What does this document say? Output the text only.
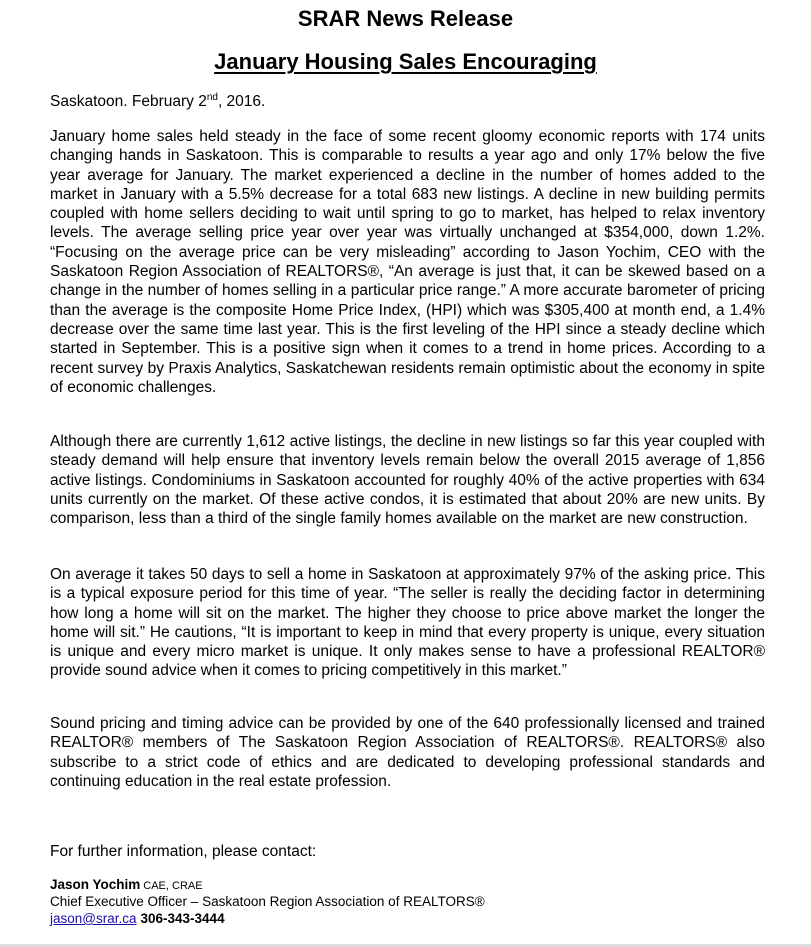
SRAR News Release
January Housing Sales Encouraging
Saskatoon. February 2nd, 2016.

January home sales held steady in the face of some recent gloomy economic reports with 174 units changing hands in Saskatoon. This is comparable to results a year ago and only 17% below the five year average for January. The market experienced a decline in the number of homes added to the market in January with a 5.5% decrease for a total 683 new listings. A decline in new building permits coupled with home sellers deciding to wait until spring to go to market, has helped to relax inventory levels. The average selling price year over year was virtually unchanged at $354,000, down 1.2%. “Focusing on the average price can be very misleading” according to Jason Yochim, CEO with the Saskatoon Region Association of REALTORS®, “An average is just that, it can be skewed based on a change in the number of homes selling in a particular price range.” A more accurate barometer of pricing than the average is the composite Home Price Index, (HPI) which was $305,400 at month end, a 1.4% decrease over the same time last year. This is the first leveling of the HPI since a steady decline which started in September. This is a positive sign when it comes to a trend in home prices. According to a recent survey by Praxis Analytics, Saskatchewan residents remain optimistic about the economy in spite of economic challenges.

Although there are currently 1,612 active listings, the decline in new listings so far this year coupled with steady demand will help ensure that inventory levels remain below the overall 2015 average of 1,856 active listings. Condominiums in Saskatoon accounted for roughly 40% of the active properties with 634 units currently on the market. Of these active condos, it is estimated that about 20% are new units. By comparison, less than a third of the single family homes available on the market are new construction.

On average it takes 50 days to sell a home in Saskatoon at approximately 97% of the asking price. This is a typical exposure period for this time of year. “The seller is really the deciding factor in determining how long a home will sit on the market. The higher they choose to price above market the longer the home will sit.” He cautions, “It is important to keep in mind that every property is unique, every situation is unique and every micro market is unique. It only makes sense to have a professional REALTOR® provide sound advice when it comes to pricing competitively in this market.”

Sound pricing and timing advice can be provided by one of the 640 professionally licensed and trained REALTOR® members of The Saskatoon Region Association of REALTORS®. REALTORS® also subscribe to a strict code of ethics and are dedicated to developing professional standards and continuing education in the real estate profession.

For further information, please contact:
Jason Yochim CAE, CRAE
Chief Executive Officer – Saskatoon Region Association of REALTORS®
jason@srar.ca 306-343-3444
